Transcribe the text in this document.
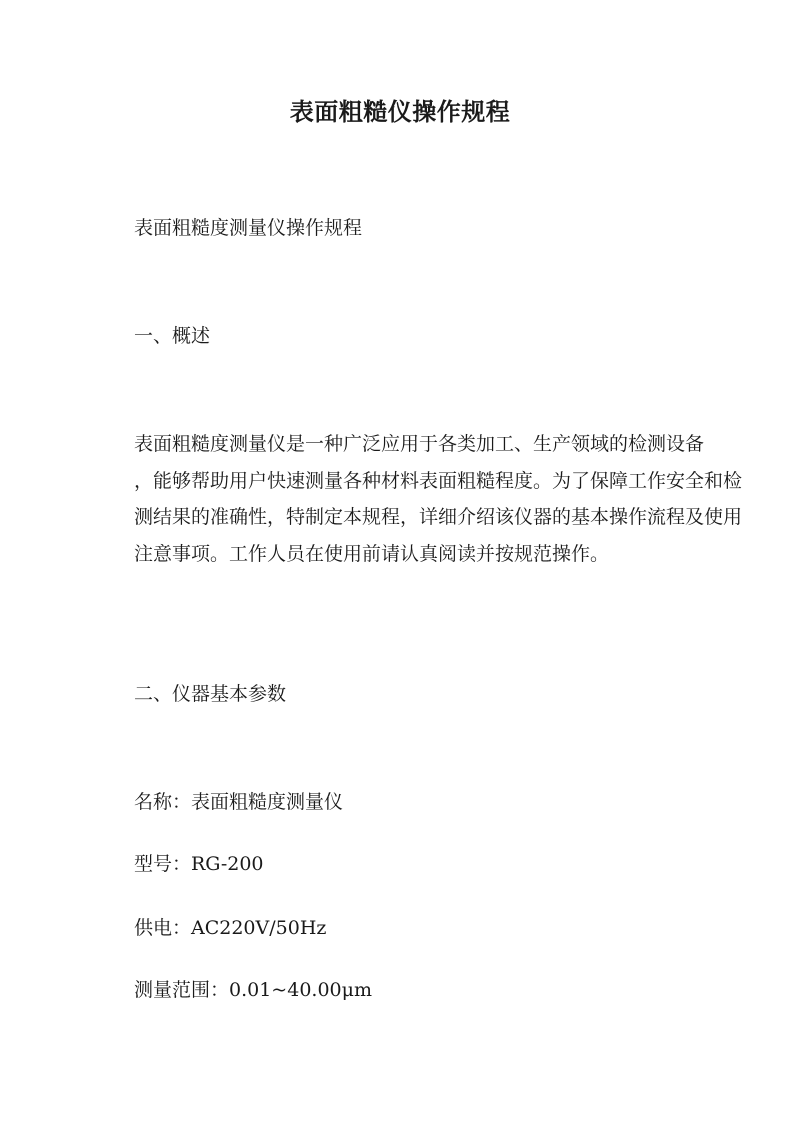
表面粗糙仪操作规程
表面粗糙度测量仪操作规程
一、概述
表面粗糙度测量仪是一种广泛应用于各类加工、生产领域的检测设备
，能够帮助用户快速测量各种材料表面粗糙程度。为了保障工作安全和检
测结果的准确性，特制定本规程，详细介绍该仪器的基本操作流程及使用
注意事项。工作人员在使用前请认真阅读并按规范操作。
二、仪器基本参数
名称：表面粗糙度测量仪
型号：RG-200
供电：AC220V/50Hz
测量范围：0.01~40.00μm
